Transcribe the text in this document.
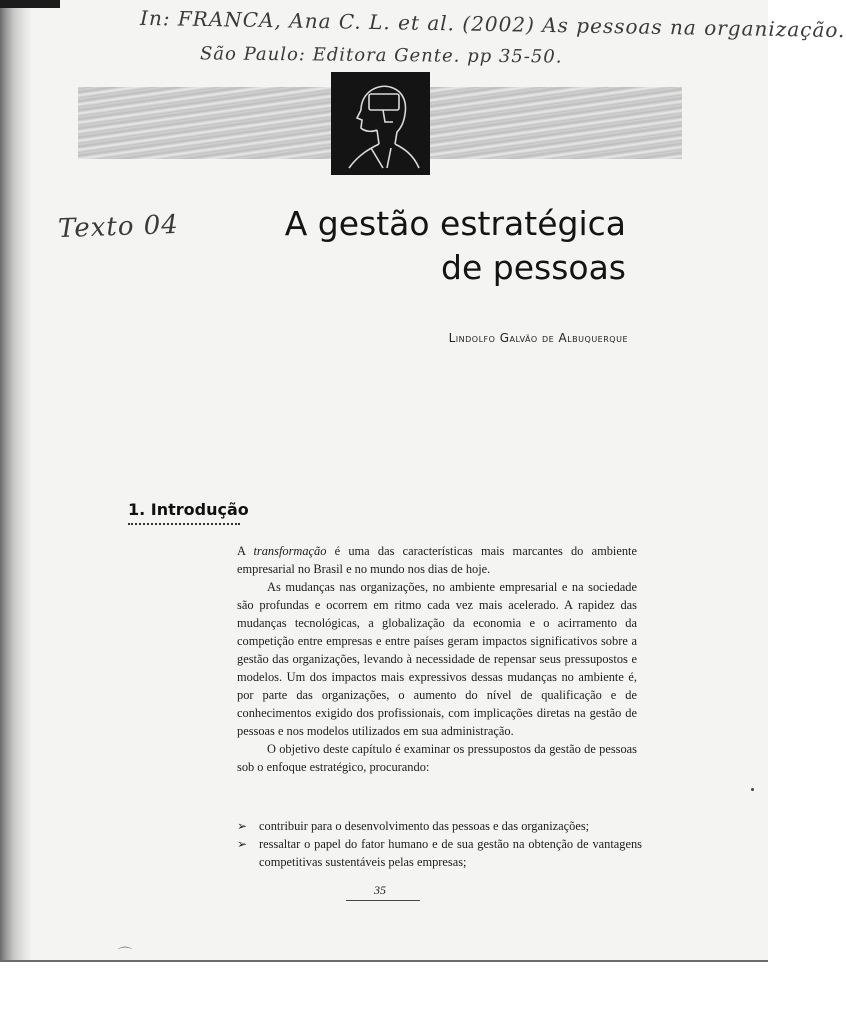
In: FRANCA, Ana C. L. et al. (2002) As pessoas na organização.
São Paulo: Editora Gente. pp 35-50.
Texto 04	A gestão estratégica
de pessoas
Lindolfo Galvão de Albuquerque
1. Introdução

A transformação é uma das características mais marcantes do ambiente empresarial no Brasil e no mundo nos dias de hoje.

As mudanças nas organizações, no ambiente empresarial e na sociedade são profundas e ocorrem em ritmo cada vez mais acelerado. A rapidez das mudanças tecnológicas, a globalização da economia e o acirramento da competição entre empresas e entre países geram impactos significativos sobre a gestão das organizações, levando à necessidade de repensar seus pressupostos e modelos. Um dos impactos mais expressivos dessas mudanças no ambiente é, por parte das organizações, o aumento do nível de qualificação e de conhecimentos exigido dos profissionais, com implicações diretas na gestão de pessoas e nos modelos utilizados em sua administração.

O objetivo deste capítulo é examinar os pressupostos da gestão de pessoas sob o enfoque estratégico, procurando:

➢ contribuir para o desenvolvimento das pessoas e das organizações;
➢ ressaltar o papel do fator humano e de sua gestão na obtenção de vantagens competitivas sustentáveis pelas empresas;
35
⌒
